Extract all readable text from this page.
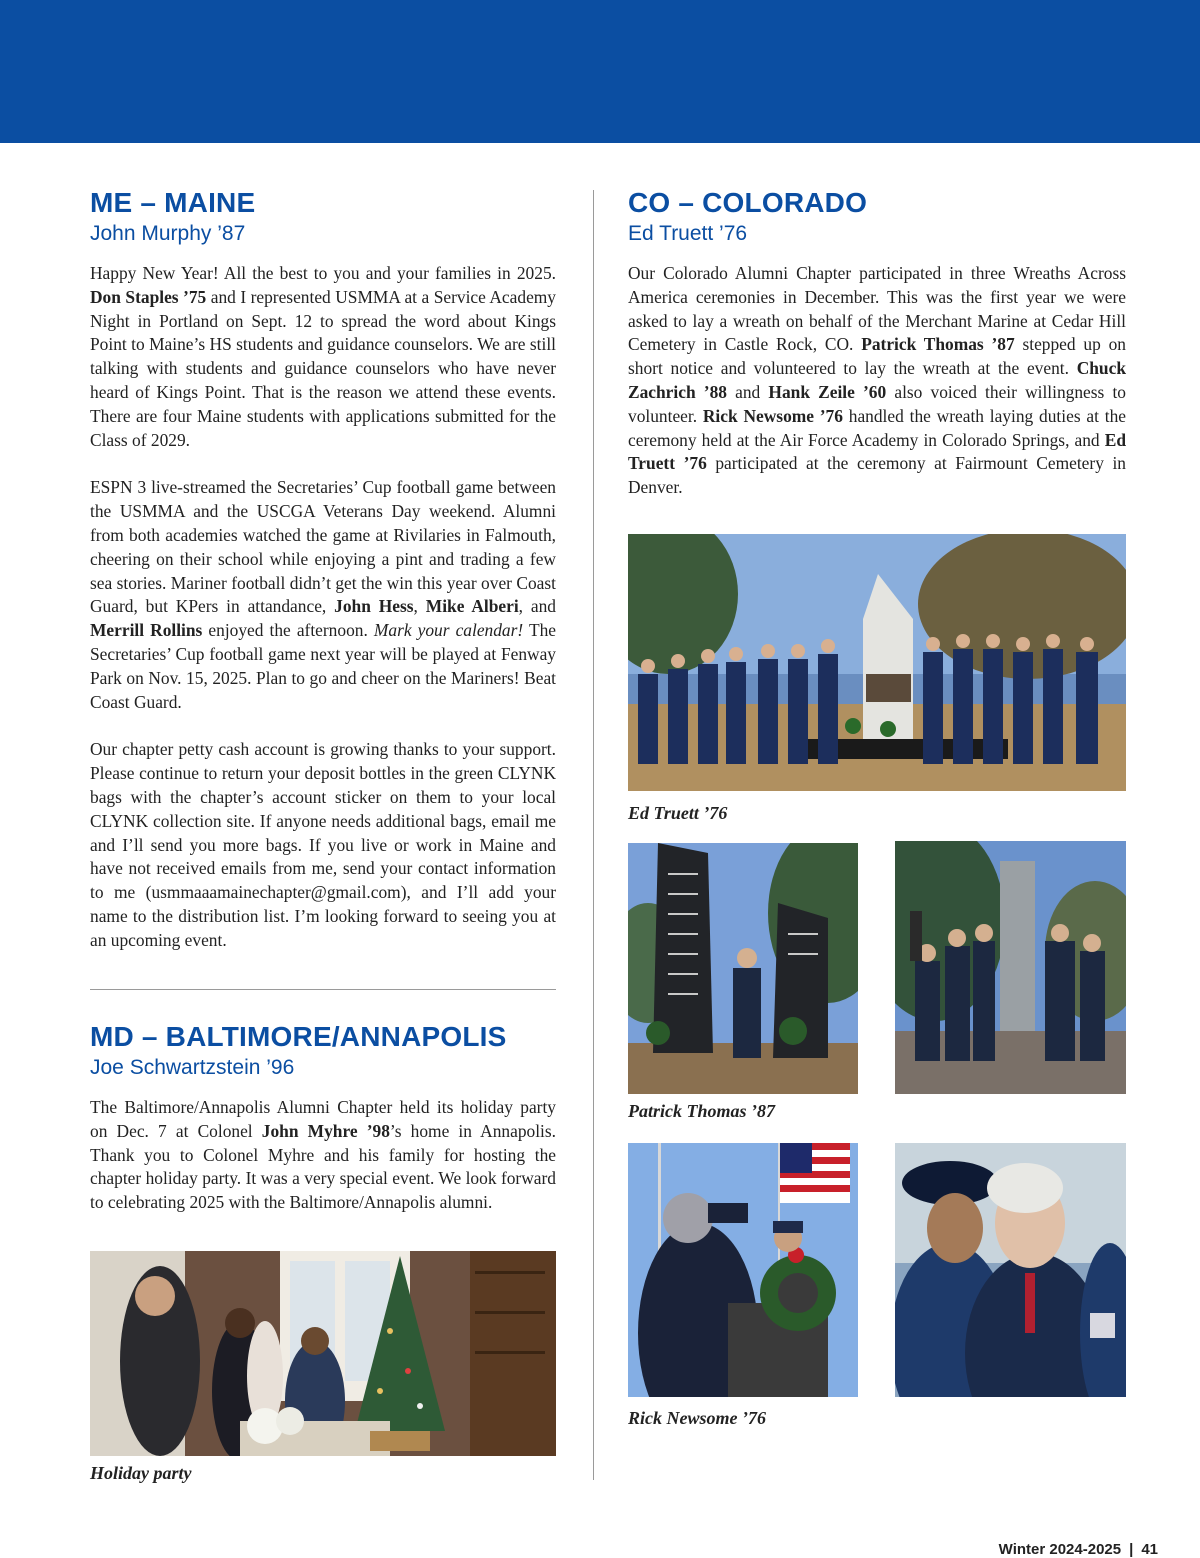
ME – MAINE
John Murphy ’87

Happy New Year! All the best to you and your families in 2025. Don Staples ’75 and I represented USMMA at a Service Academy Night in Portland on Sept. 12 to spread the word about Kings Point to Maine’s HS students and guidance counselors. We are still talking with students and guidance counselors who have never heard of Kings Point. That is the reason we attend these events. There are four Maine students with applications submitted for the Class of 2029.

ESPN 3 live-streamed the Secretaries’ Cup football game between the USMMA and the USCGA Veterans Day weekend. Alumni from both academies watched the game at Rivilaries in Falmouth, cheering on their school while enjoying a pint and trading a few sea stories. Mariner football didn’t get the win this year over Coast Guard, but KPers in attandance, John Hess, Mike Alberi, and Merrill Rollins enjoyed the afternoon. Mark your calendar! The Secretaries’ Cup football game next year will be played at Fenway Park on Nov. 15, 2025. Plan to go and cheer on the Mariners! Beat Coast Guard.

Our chapter petty cash account is growing thanks to your support. Please continue to return your deposit bottles in the green CLYNK bags with the chapter’s account sticker on them to your local CLYNK collection site. If anyone needs additional bags, email me and I’ll send you more bags. If you live or work in Maine and have not received emails from me, send your contact information to me (usmmaaamainechapter@gmail.com), and I’ll add your name to the distribution list. I’m looking forward to seeing you at an upcoming event.

MD – BALTIMORE/ANNAPOLIS
Joe Schwartzstein ’96

The Baltimore/Annapolis Alumni Chapter held its holiday party on Dec. 7 at Colonel John Myhre ’98’s home in Annapolis. Thank you to Colonel Myhre and his family for hosting the chapter holiday party. It was a very special event. We look forward to celebrating 2025 with the Baltimore/Annapolis alumni.

Holiday party
CO – COLORADO
Ed Truett ’76

Our Colorado Alumni Chapter participated in three Wreaths Across America ceremonies in December. This was the first year we were asked to lay a wreath on behalf of the Merchant Marine at Cedar Hill Cemetery in Castle Rock, CO. Patrick Thomas ’87 stepped up on short notice and volunteered to lay the wreath at the event. Chuck Zachrich ’88 and Hank Zeile ’60 also voiced their willingness to volunteer. Rick Newsome ’76 handled the wreath laying duties at the ceremony held at the Air Force Academy in Colorado Springs, and Ed Truett ’76 participated at the ceremony at Fairmount Cemetery in Denver.

Ed Truett ’76
Patrick Thomas ’87
Rick Newsome ’76
Winter 2024-2025 | 41
